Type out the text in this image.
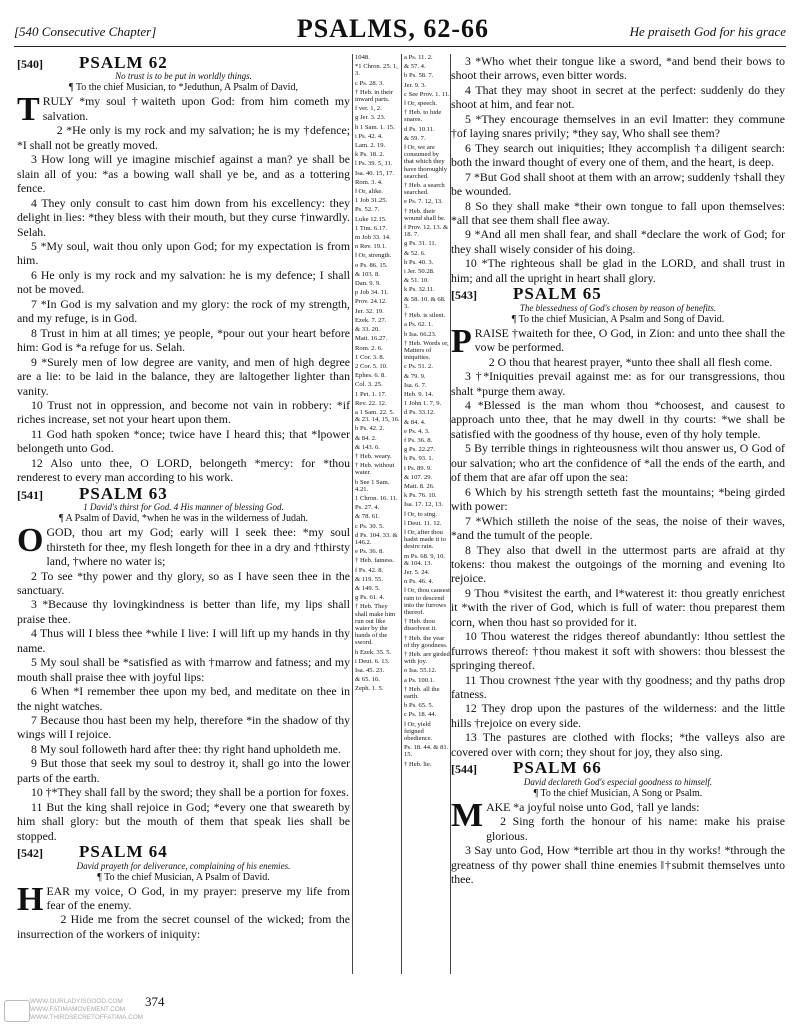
[540 Consecutive Chapter]	PSALMS, 62-66	He praiseth God for his grace
[540]	PSALM 62
No trust is to be put in worldly things.
¶ To the chief Musician, to *Jeduthun, A Psalm of David,
TRULY *my soul †waiteth upon God: from him cometh my salvation.
2 *He only is my rock and my salvation; he is my †defence; *I shall not be greatly moved.
3 How long will ye imagine mischief against a man? ye shall be slain all of you: *as a bowing wall shall ye be, and as a tottering fence.
4 They only consult to cast him down from his excellency: they delight in lies: *they bless with their mouth, but they curse †inwardly. Selah.
5 *My soul, wait thou only upon God; for my expectation is from him.
6 He only is my rock and my salvation: he is my defence; I shall not be moved.
7 *In God is my salvation and my glory: the rock of my strength, and my refuge, is in God.
8 Trust in him at all times; ye people, *pour out your heart before him: God is *a refuge for us. Selah.
9 *Surely men of low degree are vanity, and men of high degree are a lie: to be laid in the balance, they are ‖altogether lighter than vanity.
10 Trust not in oppression, and become not vain in robbery: *if riches increase, set not your heart upon them.
11 God hath spoken *once; twice have I heard this; that *‖power belongeth unto God.
12 Also unto thee, O LORD, belongeth *mercy: for *thou renderest to every man according to his work.
[541]	PSALM 63
1 David's thirst for God. 4 His manner of blessing God.
¶ A Psalm of David, *when he was in the wilderness of Judah.
O GOD, thou art my God; early will I seek thee: *my soul thirsteth for thee, my flesh longeth for thee in a dry and †thirsty land, †where no water is;
2 To see *thy power and thy glory, so as I have seen thee in the sanctuary.
3 *Because thy lovingkindness is better than life, my lips shall praise thee.
4 Thus will I bless thee *while I live: I will lift up my hands in thy name.
5 My soul shall be *satisfied as with †marrow and fatness; and my mouth shall praise thee with joyful lips:
6 When *I remember thee upon my bed, and meditate on thee in the night watches.
7 Because thou hast been my help, therefore *in the shadow of thy wings will I rejoice.
8 My soul followeth hard after thee: thy right hand upholdeth me.
9 But those that seek my soul to destroy it, shall go into the lower parts of the earth.
10 †*They shall fall by the sword; they shall be a portion for foxes.
11 But the king shall rejoice in God; *every one that sweareth by him shall glory: but the mouth of them that speak lies shall be stopped.
[542]	PSALM 64
David prayeth for deliverance, complaining of his enemies.
¶ To the chief Musician, A Psalm of David.
HEAR my voice, O God, in my prayer: preserve my life from fear of the enemy.
2 Hide me from the secret counsel of the wicked; from the insurrection of the workers of iniquity:
1048.
*1 Chron. 25. 1, 3.
c Ps. 28. 3.
† Heb. in their inward parts.
f ver. 1, 2.
g Jer. 3. 23.
h 1 Sam. 1. 15.
i Ps. 42. 4.
Lam. 2. 19.
k Ps. 18. 2.
l Ps. 39. 5, 11.
Isa. 40. 15, 17.
Rom. 3. 4.
‖ Or, alike.
1 Job 31.25.
Ps. 52. 7.
Luke 12.15.
1 Tim. 6.17.
m Job 33. 14.
n Rev. 19.1.
‖ Or, strength.
o Ps. 86. 15.
& 103. 8.
Dan. 9. 9.
p Job 34. 11.
Prov. 24.12.
Jer. 32. 19.
Ezek. 7. 27.
& 33. 20.
Matt. 16.27.
Rom. 2. 6.
1 Cor. 3. 8.
2 Cor. 5. 10.
Ephes. 6. 8.
Col. 3. 25.
1 Pet. 1. 17.
Rev. 22. 12.
a 1 Sam. 22. 5. & 23. 14, 15, 16.
b Ps. 42. 2.
& 84. 2.
& 143. 6.
† Heb. weary.
† Heb. without water.
b See 1 Sam. 4.21.
1 Chron. 16. 11.
Ps. 27. 4.
& 78. 61.
c Ps. 30. 5.
d Ps. 104. 33. & 146.2.
e Ps. 36. 8.
† Heb. fatness.
f Ps. 42. 8.
& 119. 55.
& 149. 5.
g Ps. 61. 4.
† Heb. They shall make him run out like water by the hands of the sword.
h Ezek. 35. 5.
i Deut. 6. 13.
Isa. 45. 23.
& 65. 16.
Zeph. 1. 5.
a Ps. 11. 2.
& 57. 4.
b Ps. 58. 7.
Jer. 9. 3.
c See Prov. 1. 11.
‖ Or, speech.
† Heb. to hide snares.
d Ps. 10.11.
& 59. 7.
‖ Or, we are consumed by that which they have thoroughly searched.
† Heb. a search searched.
e Ps. 7. 12, 13.
† Heb. their wound shall be.
f Prov. 12. 13. & 18. 7.
g Ps. 31. 11.
& 52. 6.
h Ps. 40. 3.
i Jer. 50.28.
& 51. 10.
k Ps. 32.11.
& 58. 10. & 68. 3.
† Heb. is silent.
a Ps. 62. 1.
b Isa. 66.23.
† Heb. Words or, Matters of iniquities.
c Ps. 51. 2.
& 79. 9.
Isa. 6. 7.
Heb. 9. 14.
1 John 1. 7, 9.
d Ps. 33.12.
& 84. 4.
e Ps. 4. 3.
f Ps. 36. 8.
g Ps. 22.27.
h Ps. 93. 1.
i Ps. 89. 9.
& 107. 29.
Matt. 8. 26.
k Ps. 76. 10.
Isa. 17. 12, 13.
‖ Or, to sing.
l Deut. 11. 12.
‖ Or, after thou hadst made it to desire rain.
m Ps. 68. 9, 10. & 104. 13.
Jer. 5. 24.
n Ps. 46. 4.
‖ Or, thou causest rain to descend into the furrows thereof.
† Heb. thou dissolvest it.
† Heb. the year of thy goodness.
† Heb. are girded with joy.
o Isa. 55.12.
a Ps. 100.1.
† Heb. all the earth.
b Ps. 65. 5.
c Ps. 18. 44.
‖ Or, yield feigned obedience.
Ps. 18. 44. & 81. 15.
† Heb. lie.
3 *Who whet their tongue like a sword, *and bend their bows to shoot their arrows, even bitter words.
4 That they may shoot in secret at the perfect: suddenly do they shoot at him, and fear not.
5 *They encourage themselves in an evil ‖matter: they commune †of laying snares privily; *they say, Who shall see them?
6 They search out iniquities; ‖they accomplish †a diligent search: both the inward thought of every one of them, and the heart, is deep.
7 *But God shall shoot at them with an arrow; suddenly †shall they be wounded.
8 So they shall make *their own tongue to fall upon themselves: *all that see them shall flee away.
9 *And all men shall fear, and shall *declare the work of God; for they shall wisely consider of his doing.
10 *The righteous shall be glad in the LORD, and shall trust in him; and all the upright in heart shall glory.
[543]	PSALM 65
The blessedness of God's chosen by reason of benefits.
¶ To the chief Musician, A Psalm and Song of David.
PRAISE †waiteth for thee, O God, in Zion: and unto thee shall the vow be performed.
2 O thou that hearest prayer, *unto thee shall all flesh come.
3 †*Iniquities prevail against me: as for our transgressions, thou shalt *purge them away.
4 *Blessed is the man whom thou *choosest, and causest to approach unto thee, that he may dwell in thy courts: *we shall be satisfied with the goodness of thy house, even of thy holy temple.
5 By terrible things in righteousness wilt thou answer us, O God of our salvation; who art the confidence of *all the ends of the earth, and of them that are afar off upon the sea:
6 Which by his strength setteth fast the mountains; *being girded with power:
7 *Which stilleth the noise of the seas, the noise of their waves, *and the tumult of the people.
8 They also that dwell in the uttermost parts are afraid at thy tokens: thou makest the outgoings of the morning and evening ‖to rejoice.
9 Thou *visitest the earth, and ‖*waterest it: thou greatly enrichest it *with the river of God, which is full of water: thou preparest them corn, when thou hast so provided for it.
10 Thou waterest the ridges thereof abundantly: ‖thou settlest the furrows thereof: †thou makest it soft with showers: thou blessest the springing thereof.
11 Thou crownest †the year with thy goodness; and thy paths drop fatness.
12 They drop upon the pastures of the wilderness: and the little hills †rejoice on every side.
13 The pastures are clothed with flocks; *the valleys also are covered over with corn; they shout for joy, they also sing.
[544]	PSALM 66
David declareth God's especial goodness to himself.
¶ To the chief Musician, A Song or Psalm.
MAKE *a joyful noise unto God, †all ye lands:
2 Sing forth the honour of his name: make his praise glorious.
3 Say unto God, How *terrible art thou in thy works! *through the greatness of thy power shall thine enemies ‖†submit themselves unto thee.
WWW.OURLADYISGOOD.COM
WWW.FATIMAMOVEMENT.COM
WWW.THIRDSECRETOFFATIMA.COM
374
